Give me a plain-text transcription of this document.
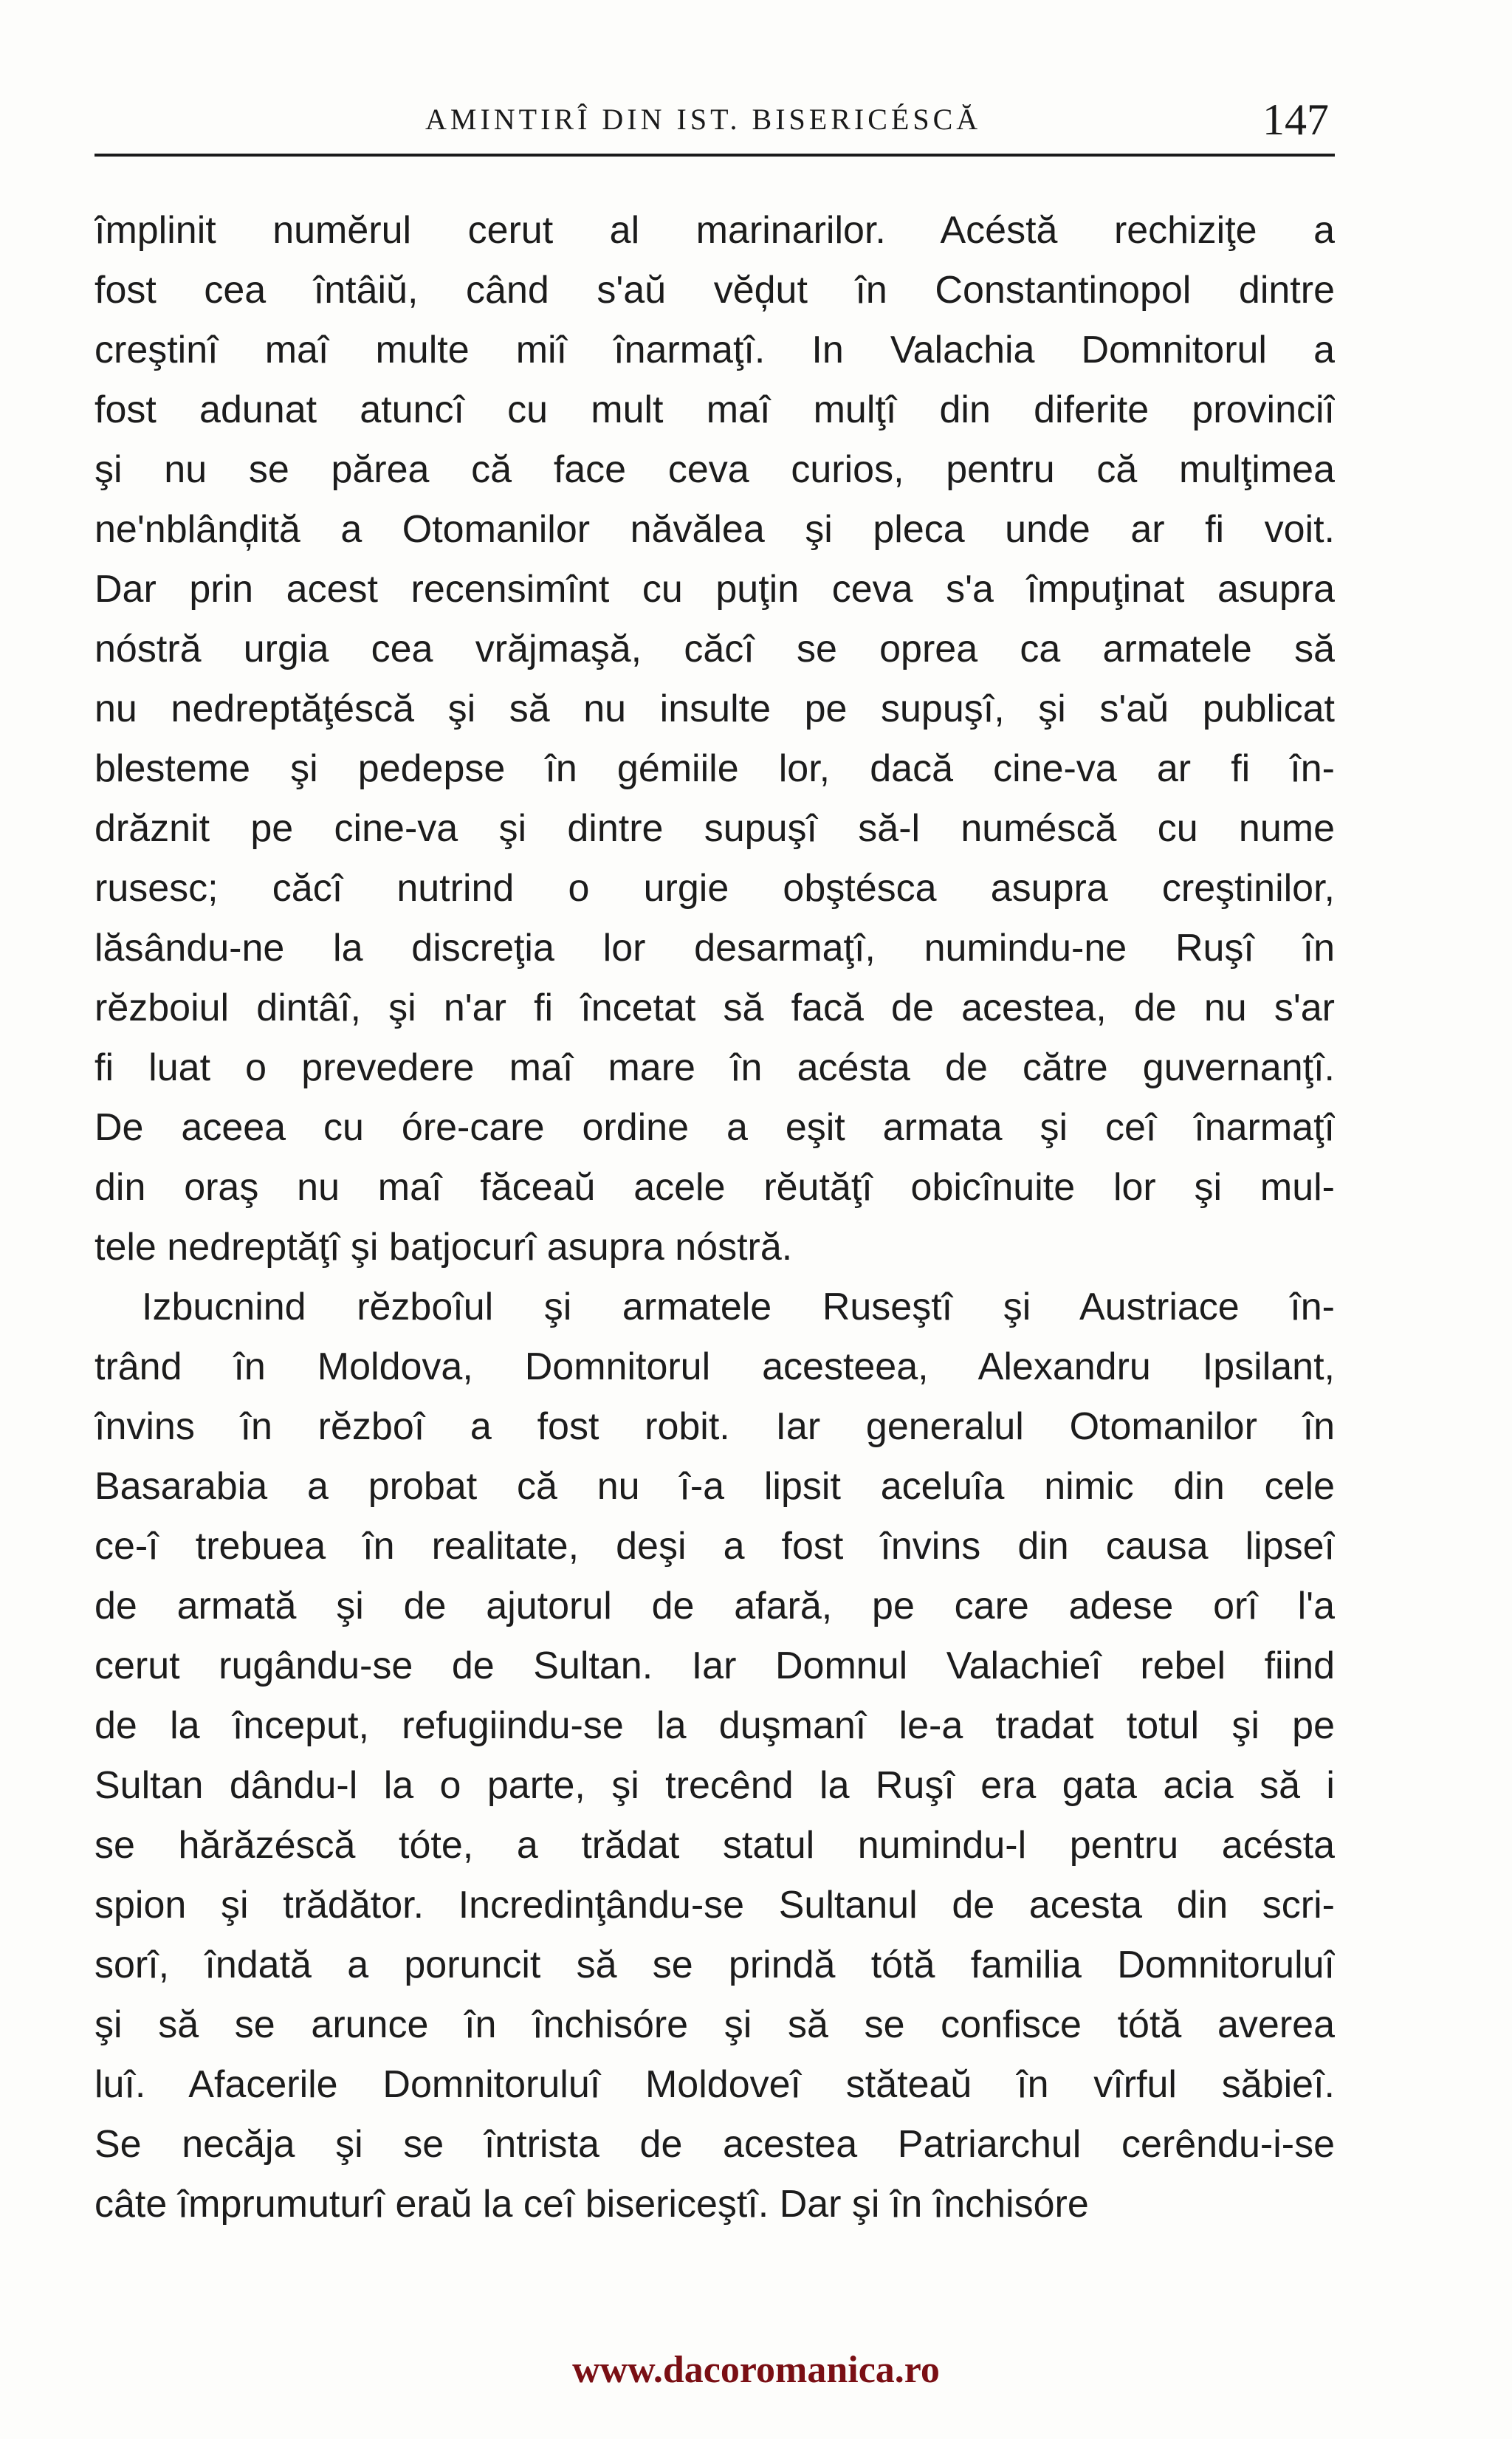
AMINTIRÎ DIN IST. BISERICÉSCĂ	147
împlinit numĕrul cerut al marinarilor. Acéstă rechiziţe a
fost cea întâiŭ, când s'aŭ vĕḑut în Constantinopol dintre
creştinî maî multe miî înarmaţî. In Valachia Domnitorul a
fost adunat atuncî cu mult maî mulţî din diferite provinciî
şi nu se părea că face ceva curios, pentru că mulţimea
ne'nblânḑită a Otomanilor năvălea şi pleca unde ar fi voit.
Dar prin acest recensimînt cu puţin ceva s'a împuţinat asupra
nóstră urgia cea vrăjmaşă, căcî se oprea ca armatele să
nu nedreptăţéscă şi să nu insulte pe supuşî, şi s'aŭ publicat
blesteme şi pedepse în gémiile lor, dacă cine-va ar fi în-
drăznit pe cine-va şi dintre supuşî să-l numéscă cu nume
rusesc; căcî nutrind o urgie obştésca asupra creştinilor,
lăsându-ne la discreţia lor desarmaţî, numindu-ne Ruşî în
rĕzboiul dintâî, şi n'ar fi încetat să facă de acestea, de nu s'ar
fi luat o prevedere maî mare în acésta de către guvernanţî.
De aceea cu óre-care ordine a eşit armata şi ceî înarmaţî
din oraş nu maî făceaŭ acele rĕutăţî obicînuite lor şi mul-
tele nedreptăţî şi batjocurî asupra nóstră.
Izbucnind rĕzboîul şi armatele Ruseştî şi Austriace în-
trând în Moldova, Domnitorul acesteea, Alexandru Ipsilant,
învins în rĕzboî a fost robit. Iar generalul Otomanilor în
Basarabia a probat că nu î-a lipsit aceluîa nimic din cele
ce-î trebuea în realitate, deşi a fost învins din causa lipseî
de armată şi de ajutorul de afară, pe care adese orî l'a
cerut rugându-se de Sultan. Iar Domnul Valachieî rebel fiind
de la început, refugiindu-se la duşmanî le-a tradat totul şi pe
Sultan dându-l la o parte, şi trecênd la Ruşî era gata acia să i
se hărăzéscă tóte, a trădat statul numindu-l pentru acésta
spion şi trădător. Incredinţându-se Sultanul de acesta din scri-
sorî, îndată a poruncit să se prindă tótă familia Domnitoruluî
şi să se arunce în închisóre şi să se confisce tótă averea
luî. Afacerile Domnitoruluî Moldoveî stăteaŭ în vîrful săbieî.
Se necăja şi se întrista de acestea Patriarchul cerêndu-i-se
câte împrumuturî eraŭ la ceî bisericeştî. Dar şi în închisóre
www.dacoromanica.ro
